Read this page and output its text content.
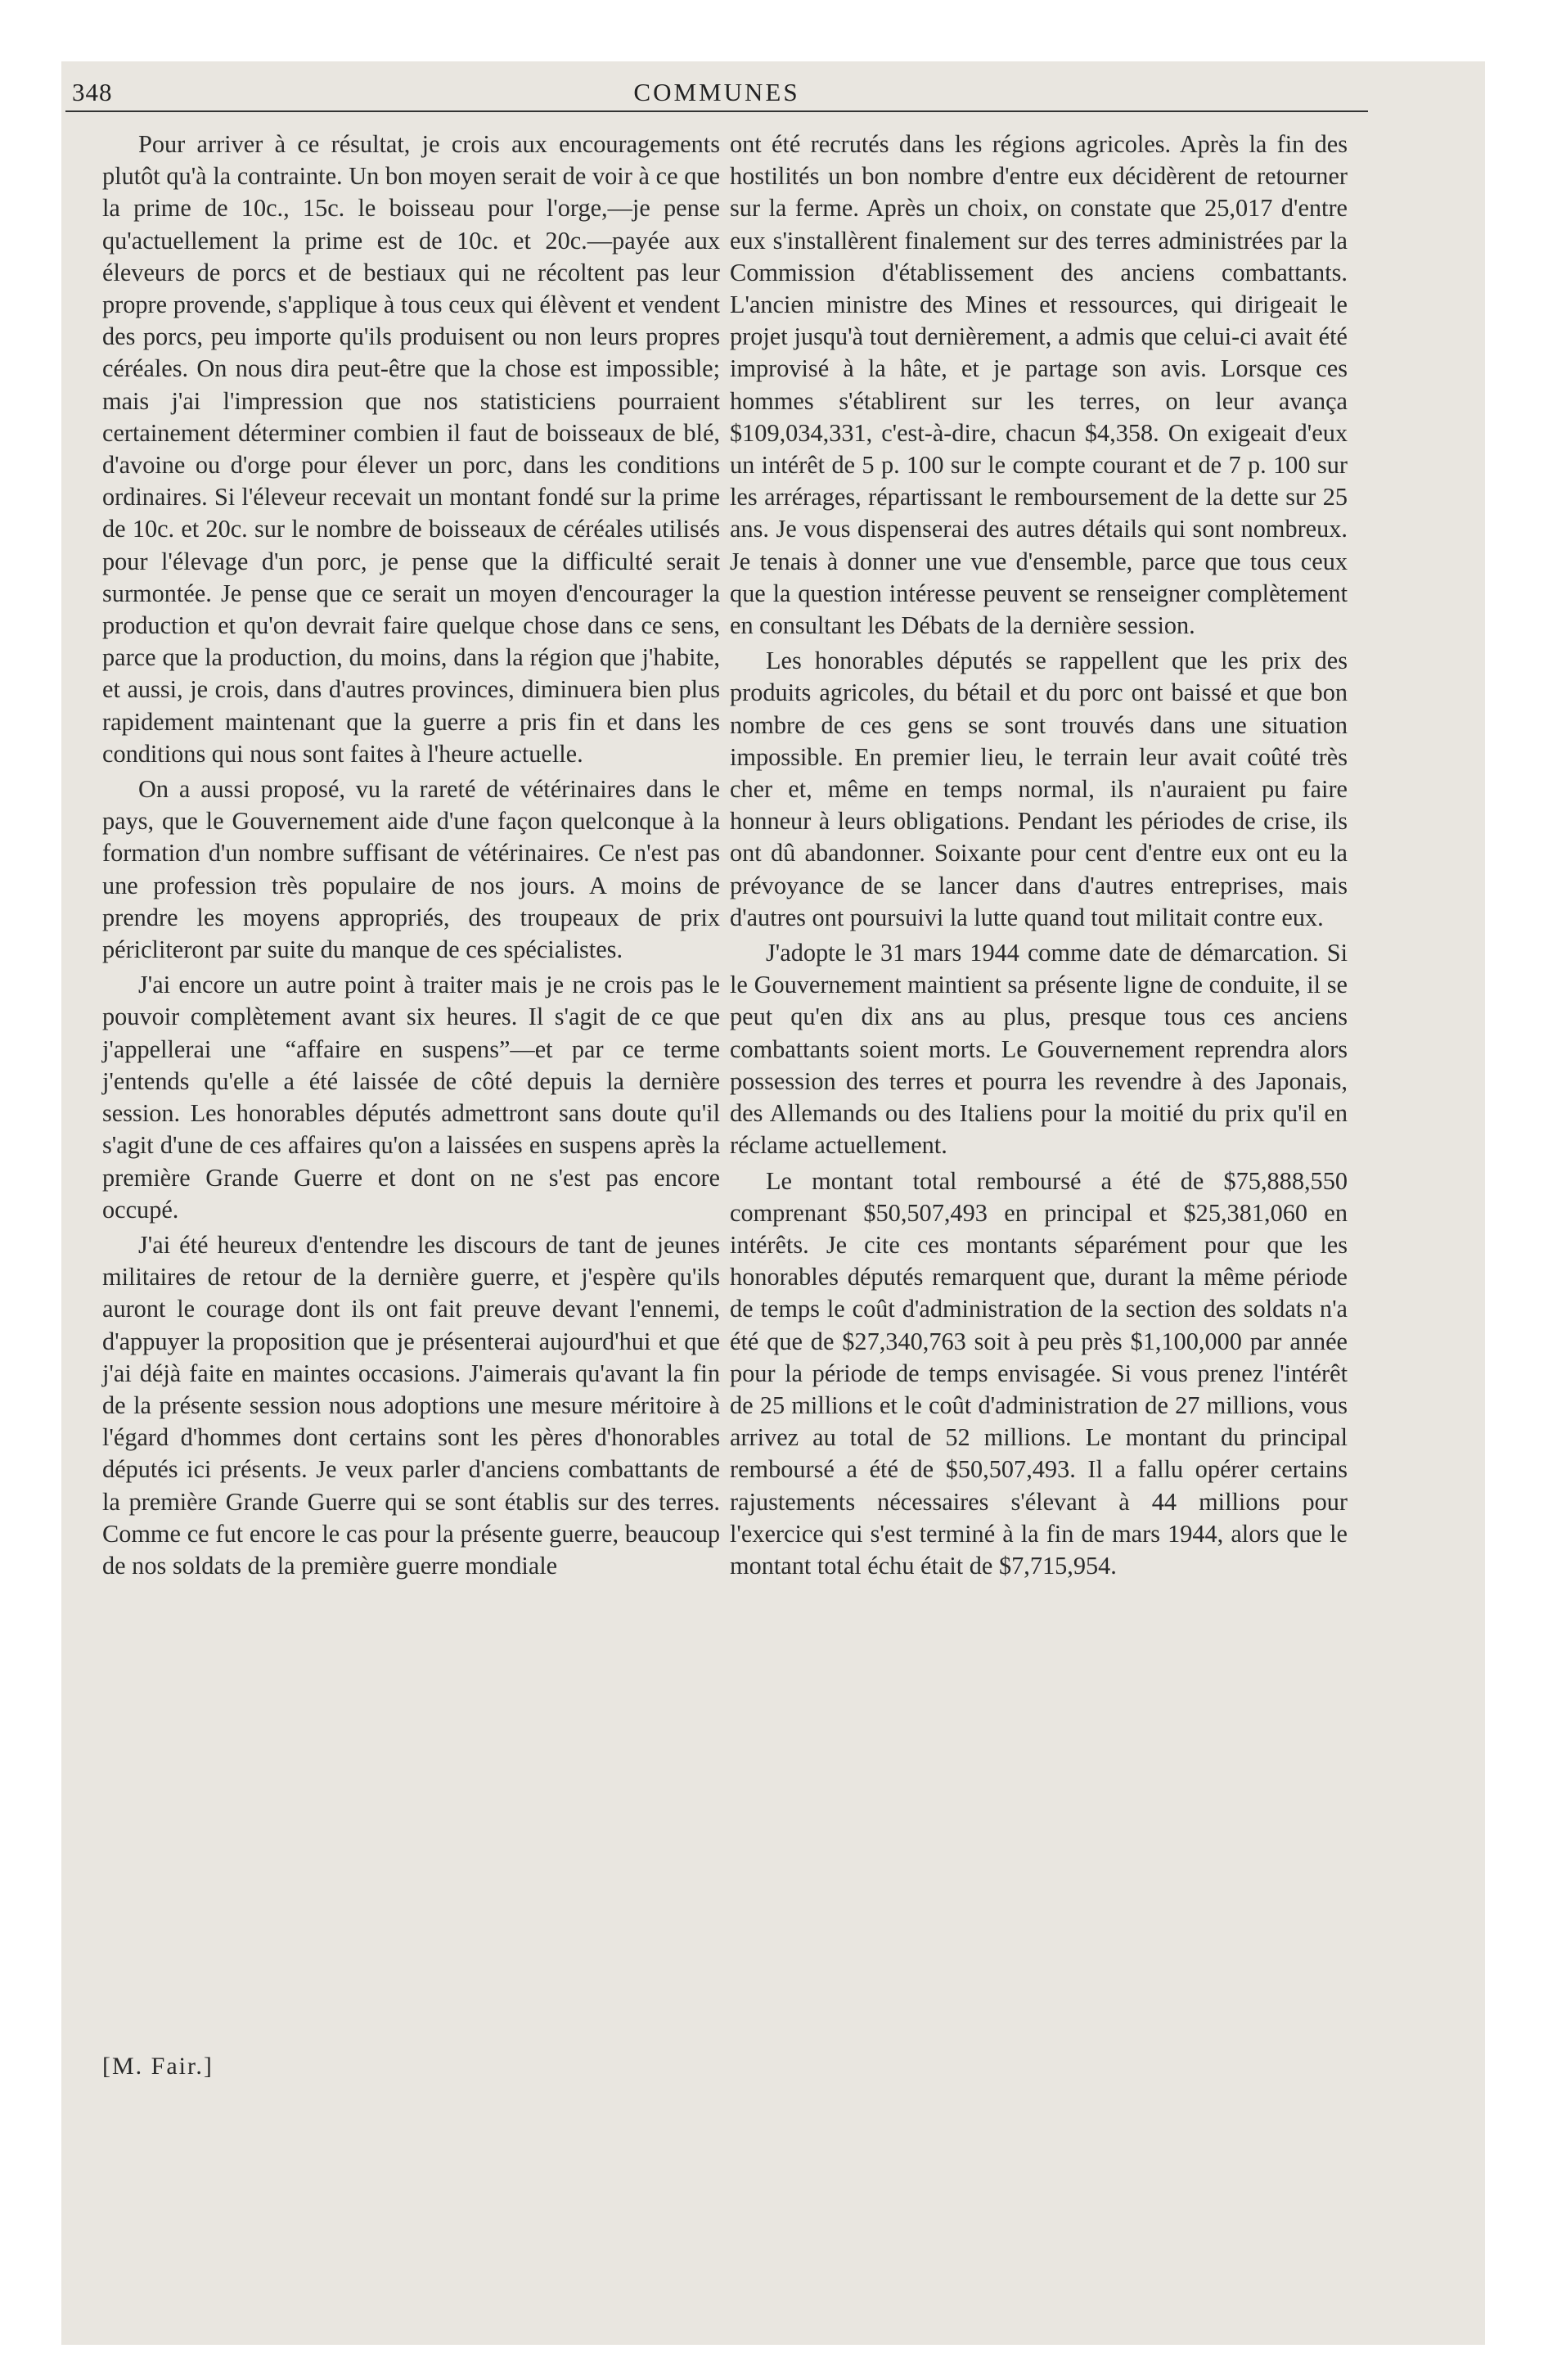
348	COMMUNES

Pour arriver à ce résultat, je crois aux encouragements plutôt qu'à la contrainte. Un bon moyen serait de voir à ce que la prime de 10c., 15c. le boisseau pour l'orge,—je pense qu'actuellement la prime est de 10c. et 20c.—payée aux éleveurs de porcs et de bestiaux qui ne récoltent pas leur propre provende, s'applique à tous ceux qui élèvent et vendent des porcs, peu importe qu'ils produisent ou non leurs propres céréales. On nous dira peut-être que la chose est impossible; mais j'ai l'impression que nos statisticiens pourraient certainement déterminer combien il faut de boisseaux de blé, d'avoine ou d'orge pour élever un porc, dans les conditions ordinaires. Si l'éleveur recevait un montant fondé sur la prime de 10c. et 20c. sur le nombre de boisseaux de céréales utilisés pour l'élevage d'un porc, je pense que la difficulté serait surmontée. Je pense que ce serait un moyen d'encourager la production et qu'on devrait faire quelque chose dans ce sens, parce que la production, du moins, dans la région que j'habite, et aussi, je crois, dans d'autres provinces, diminuera bien plus rapidement maintenant que la guerre a pris fin et dans les conditions qui nous sont faites à l'heure actuelle.

On a aussi proposé, vu la rareté de vétérinaires dans le pays, que le Gouvernement aide d'une façon quelconque à la formation d'un nombre suffisant de vétérinaires. Ce n'est pas une profession très populaire de nos jours. A moins de prendre les moyens appropriés, des troupeaux de prix péricliteront par suite du manque de ces spécialistes.

J'ai encore un autre point à traiter mais je ne crois pas le pouvoir complètement avant six heures. Il s'agit de ce que j'appellerai une “affaire en suspens”—et par ce terme j'entends qu'elle a été laissée de côté depuis la dernière session. Les honorables députés admettront sans doute qu'il s'agit d'une de ces affaires qu'on a laissées en suspens après la première Grande Guerre et dont on ne s'est pas encore occupé.

J'ai été heureux d'entendre les discours de tant de jeunes militaires de retour de la dernière guerre, et j'espère qu'ils auront le courage dont ils ont fait preuve devant l'ennemi, d'appuyer la proposition que je présenterai aujourd'hui et que j'ai déjà faite en maintes occasions. J'aimerais qu'avant la fin de la présente session nous adoptions une mesure méritoire à l'égard d'hommes dont certains sont les pères d'honorables députés ici présents. Je veux parler d'anciens combattants de la première Grande Guerre qui se sont établis sur des terres. Comme ce fut encore le cas pour la présente guerre, beaucoup de nos soldats de la première guerre mondiale

[M. Fair.]

ont été recrutés dans les régions agricoles. Après la fin des hostilités un bon nombre d'entre eux décidèrent de retourner sur la ferme. Après un choix, on constate que 25,017 d'entre eux s'installèrent finalement sur des terres administrées par la Commission d'établissement des anciens combattants. L'ancien ministre des Mines et ressources, qui dirigeait le projet jusqu'à tout dernièrement, a admis que celui-ci avait été improvisé à la hâte, et je partage son avis. Lorsque ces hommes s'établirent sur les terres, on leur avança $109,034,331, c'est-à-dire, chacun $4,358. On exigeait d'eux un intérêt de 5 p. 100 sur le compte courant et de 7 p. 100 sur les arrérages, répartissant le remboursement de la dette sur 25 ans. Je vous dispenserai des autres détails qui sont nombreux. Je tenais à donner une vue d'ensemble, parce que tous ceux que la question intéresse peuvent se renseigner complètement en consultant les Débats de la dernière session.

Les honorables députés se rappellent que les prix des produits agricoles, du bétail et du porc ont baissé et que bon nombre de ces gens se sont trouvés dans une situation impossible. En premier lieu, le terrain leur avait coûté très cher et, même en temps normal, ils n'auraient pu faire honneur à leurs obligations. Pendant les périodes de crise, ils ont dû abandonner. Soixante pour cent d'entre eux ont eu la prévoyance de se lancer dans d'autres entreprises, mais d'autres ont poursuivi la lutte quand tout militait contre eux.

J'adopte le 31 mars 1944 comme date de démarcation. Si le Gouvernement maintient sa présente ligne de conduite, il se peut qu'en dix ans au plus, presque tous ces anciens combattants soient morts. Le Gouvernement reprendra alors possession des terres et pourra les revendre à des Japonais, des Allemands ou des Italiens pour la moitié du prix qu'il en réclame actuellement.

Le montant total remboursé a été de $75,888,550 comprenant $50,507,493 en principal et $25,381,060 en intérêts. Je cite ces montants séparément pour que les honorables députés remarquent que, durant la même période de temps le coût d'administration de la section des soldats n'a été que de $27,340,763 soit à peu près $1,100,000 par année pour la période de temps envisagée. Si vous prenez l'intérêt de 25 millions et le coût d'administration de 27 millions, vous arrivez au total de 52 millions. Le montant du principal remboursé a été de $50,507,493. Il a fallu opérer certains rajustements nécessaires s'élevant à 44 millions pour l'exercice qui s'est terminé à la fin de mars 1944, alors que le montant total échu était de $7,715,954.
